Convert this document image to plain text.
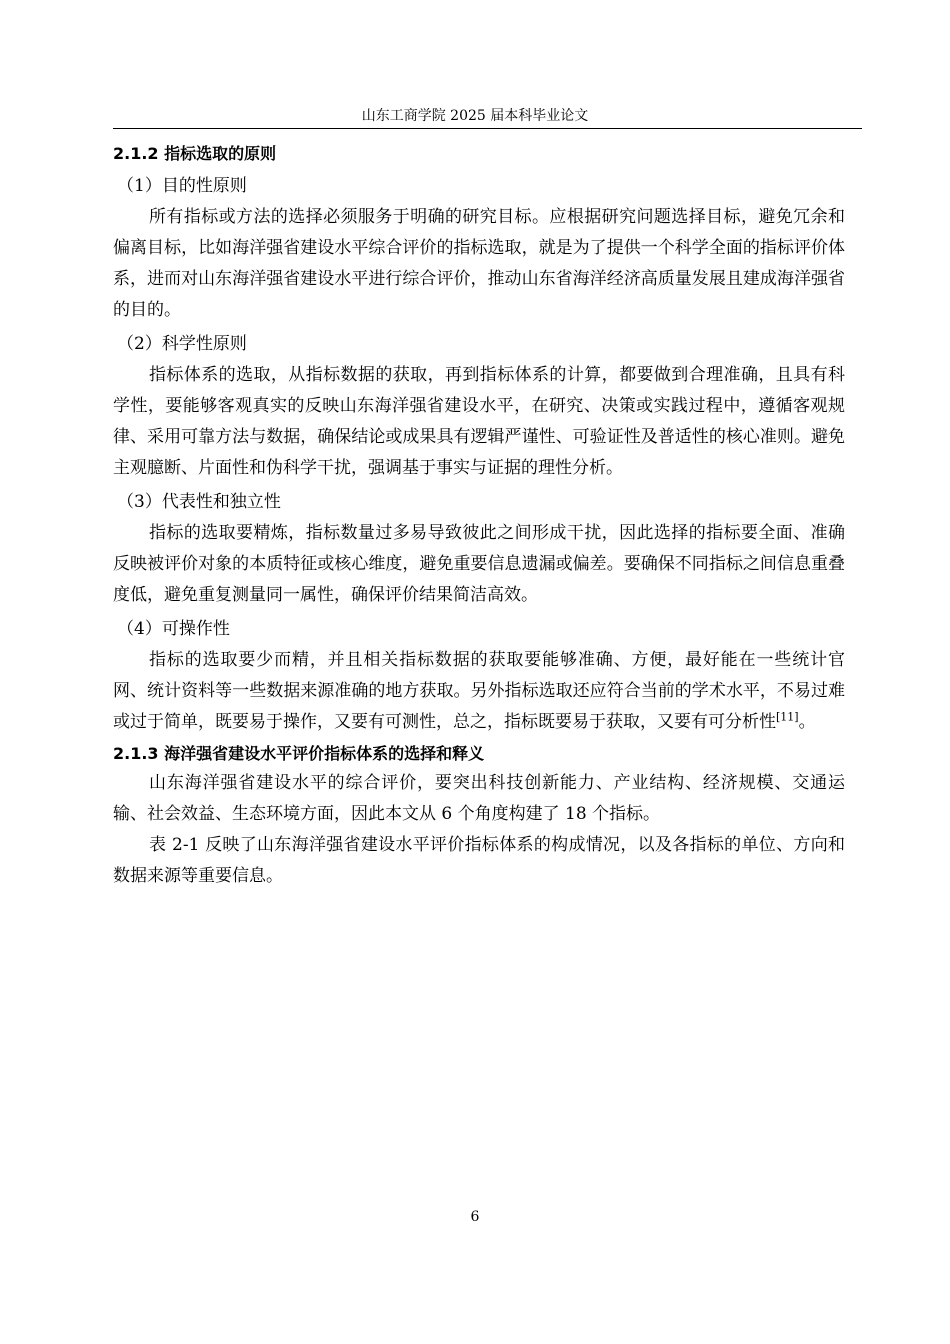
山东工商学院 2025 届本科毕业论文
2.1.2 指标选取的原则
（1）目的性原则

所有指标或方法的选择必须服务于明确的研究目标。应根据研究问题选择目标，避免冗余和偏离目标，比如海洋强省建设水平综合评价的指标选取，就是为了提供一个科学全面的指标评价体系，进而对山东海洋强省建设水平进行综合评价，推动山东省海洋经济高质量发展且建成海洋强省的目的。

（2）科学性原则

指标体系的选取，从指标数据的获取，再到指标体系的计算，都要做到合理准确，且具有科学性，要能够客观真实的反映山东海洋强省建设水平，在研究、决策或实践过程中，遵循客观规律、采用可靠方法与数据，确保结论或成果具有逻辑严谨性、可验证性及普适性的核心准则。避免主观臆断、片面性和伪科学干扰，强调基于事实与证据的理性分析。

（3）代表性和独立性

指标的选取要精炼，指标数量过多易导致彼此之间形成干扰，因此选择的指标要全面、准确反映被评价对象的本质特征或核心维度，避免重要信息遗漏或偏差。要确保不同指标之间信息重叠度低，避免重复测量同一属性，确保评价结果简洁高效。

（4）可操作性

指标的选取要少而精，并且相关指标数据的获取要能够准确、方便，最好能在一些统计官网、统计资料等一些数据来源准确的地方获取。另外指标选取还应符合当前的学术水平，不易过难或过于简单，既要易于操作，又要有可测性，总之，指标既要易于获取，又要有可分析性[11]。

2.1.3 海洋强省建设水平评价指标体系的选择和释义

山东海洋强省建设水平的综合评价，要突出科技创新能力、产业结构、经济规模、交通运输、社会效益、生态环境方面，因此本文从 6 个角度构建了 18 个指标。

表 2-1 反映了山东海洋强省建设水平评价指标体系的构成情况，以及各指标的单位、方向和数据来源等重要信息。

6
